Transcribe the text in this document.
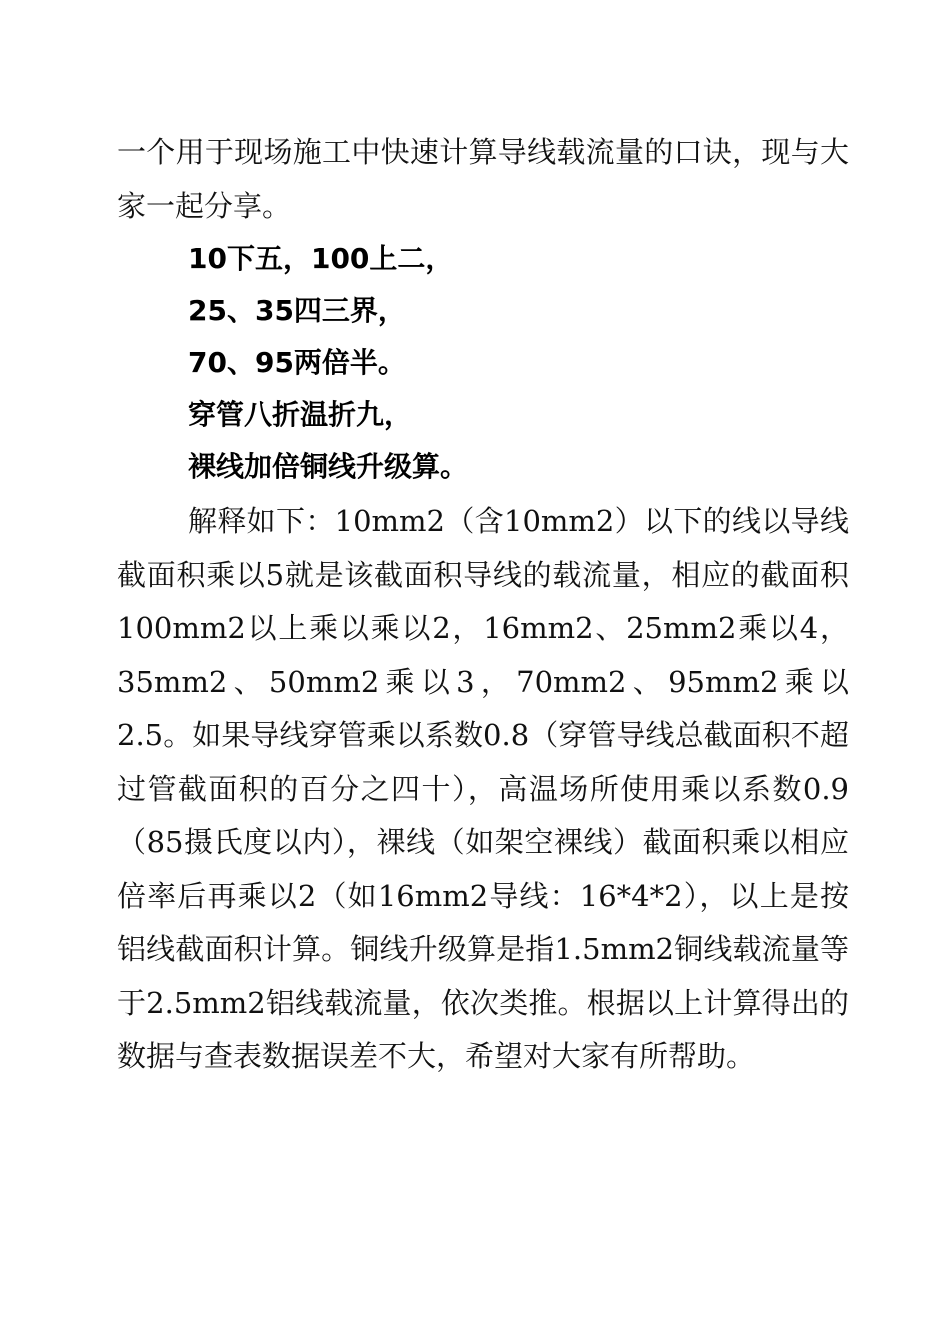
一个用于现场施工中快速计算导线载流量的口诀，现与大家一起分享。

10下五，100上二，

25、35四三界，

70、95两倍半。

穿管八折温折九，

裸线加倍铜线升级算。

解释如下：10mm2（含10mm2）以下的线以导线截面积乘以5就是该截面积导线的载流量，相应的截面积100mm2以上乘以乘以2，16mm2、25mm2乘以4，35mm2、50mm2乘以3，70mm2、95mm2乘以2.5。如果导线穿管乘以系数0.8（穿管导线总截面积不超过管截面积的百分之四十），高温场所使用乘以系数0.9（85摄氏度以内），裸线（如架空裸线）截面积乘以相应倍率后再乘以2（如16mm2导线：16*4*2），以上是按铝线截面积计算。铜线升级算是指1.5mm2铜线载流量等于2.5mm2铝线载流量，依次类推。根据以上计算得出的数据与查表数据误差不大，希望对大家有所帮助。
